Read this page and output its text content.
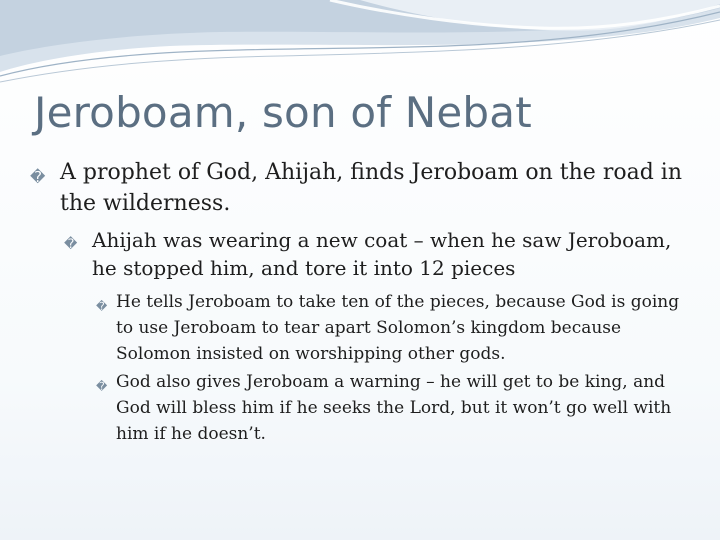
Jeroboam, son of Nebat
� A prophet of God, Ahijah, finds Jeroboam on the road in the wilderness.
� Ahijah was wearing a new coat – when he saw Jeroboam, he stopped him, and tore it into 12 pieces
� He tells Jeroboam to take ten of the pieces, because God is going to use Jeroboam to tear apart Solomon’s kingdom because Solomon insisted on worshipping other gods.
� God also gives Jeroboam a warning – he will get to be king, and God will bless him if he seeks the Lord, but it won’t go well with him if he doesn’t.
